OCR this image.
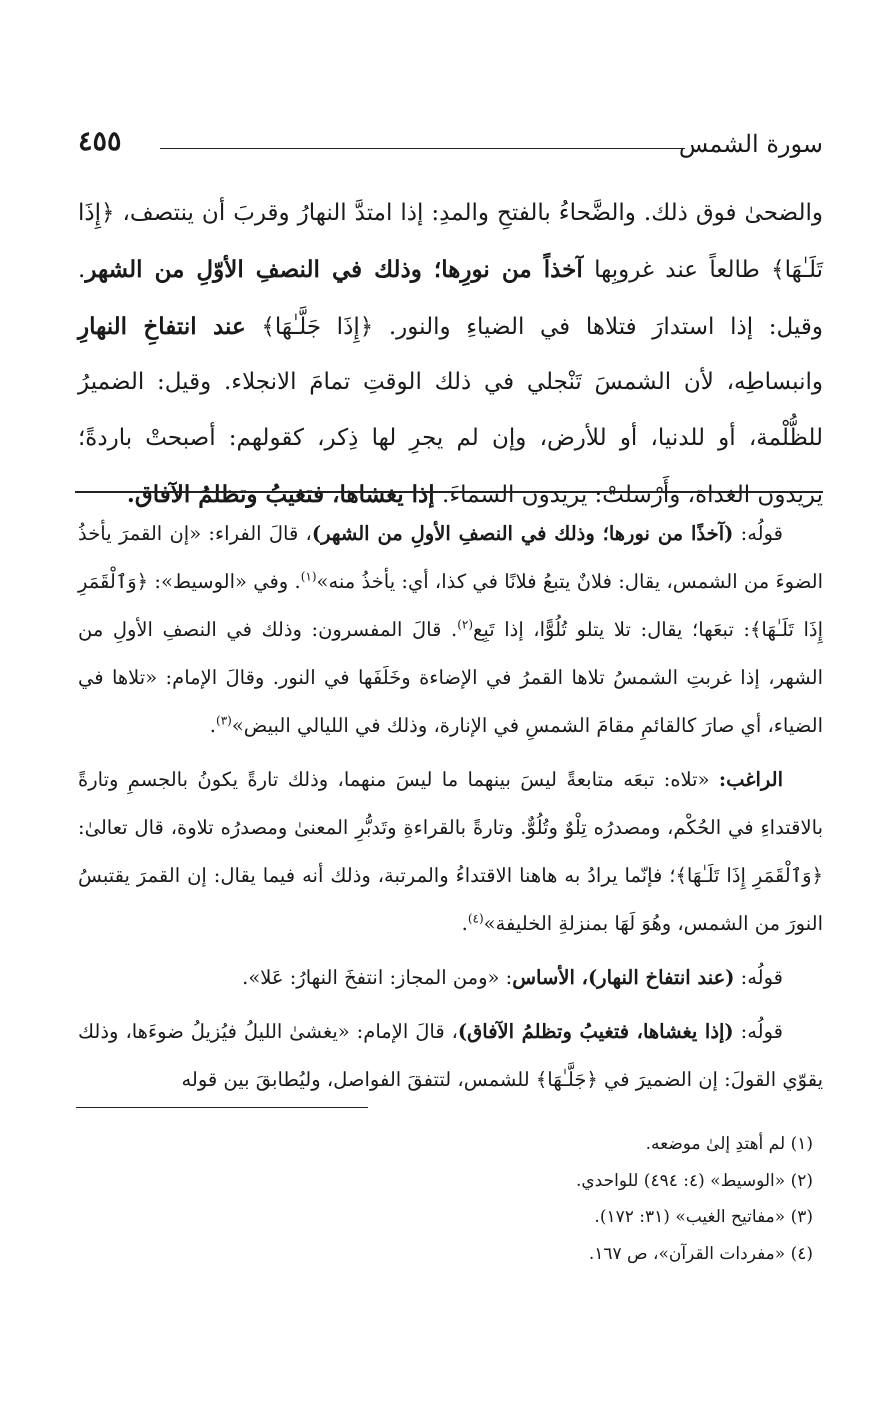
سورة الشمس
٤٥٥

والضحىٰ فوق ذلك. والضَّحاءُ بالفتحِ والمدِ: إذا امتدَّ النهارُ وقربَ أن ينتصف، ﴿إِذَا تَلَـٰهَا﴾ طالعاً عند غروبِها آخذاً من نورِها؛ وذلك في النصفِ الأوّلِ من الشهر. وقيل: إذا استدارَ فتلاها في الضياءِ والنور. ﴿إِذَا جَلَّـٰهَا﴾ عند انتفاخِ النهارِ وانبساطِه، لأن الشمسَ تَنْجلي في ذلك الوقتِ تمامَ الانجلاء. وقيل: الضميرُ للظُّلْمة، أو للدنيا، أو للأرض، وإن لم يجرِ لها ذِكر، كقولهم: أصبحتْ باردةً؛ يريدون الغداة، وأَرْسلتْ: يريدون السماءَ. إذا يغشاها، فتغيبُ وتظلمُ الآفاق.

قولُه: (آخذًا من نورها؛ وذلك في النصفِ الأولِ من الشهر)، قالَ الفراء: «إن القمرَ يأخذُ الضوءَ من الشمس، يقال: فلانٌ يتبعُ فلانًا في كذا، أي: يأخذُ منه»$^{(١)}$. وفي «الوسيط»: ﴿وَٱلْقَمَرِ إِذَا تَلَـٰهَا﴾: تبعَها؛ يقال: تلا يتلو تُلُوًّا، إذا تَبِع$^{(٢)}$. قالَ المفسرون: وذلك في النصفِ الأولِ من الشهر، إذا غربتِ الشمسُ تلاها القمرُ في الإضاءة وخَلَفَها في النور. وقالَ الإمام: «تلاها في الضياء، أي صارَ كالقائمِ مقامَ الشمسِ في الإنارة، وذلك في الليالي البيض»$^{(٣)}$.

الراغب: «تلاه: تبعَه متابعةً ليسَ بينهما ما ليسَ منهما، وذلك تارةً يكونُ بالجسمِ وتارةً بالاقتداءِ في الحُكْم، ومصدرُه تِلْوٌ وتُلُوٌّ. وتارةً بالقراءةِ وتَدبُّرِ المعنىٰ ومصدرُه تلاوة، قال تعالىٰ: ﴿وَٱلْقَمَرِ إِذَا تَلَـٰهَا﴾؛ فإنّما يرادُ به هاهنا الاقتداءُ والمرتبة، وذلك أنه فيما يقال: إن القمرَ يقتبسُ النورَ من الشمس، وهُوَ لَهَا بمنزلةِ الخليفة»$^{(٤)}$.

قولُه: (عند انتفاخ النهار)، الأساس: «ومن المجاز: انتفخَ النهارُ: عَلا».

قولُه: (إذا يغشاها، فتغيبُ وتظلمُ الآفاق)، قالَ الإمام: «يغشىٰ الليلُ فيُزيلُ ضوءَها، وذلك يقوّي القولَ: إن الضميرَ في ﴿جَلَّـٰهَا﴾ للشمس، لتتفقَ الفواصل، وليُطابقَ بين قوله

(١) لم أهتدِ إلىٰ موضعه.

(٢) «الوسيط» (٤: ٤٩٤) للواحدي.

(٣) «مفاتيح الغيب» (٣١: ١٧٢).

(٤) «مفردات القرآن»، ص ١٦٧.
